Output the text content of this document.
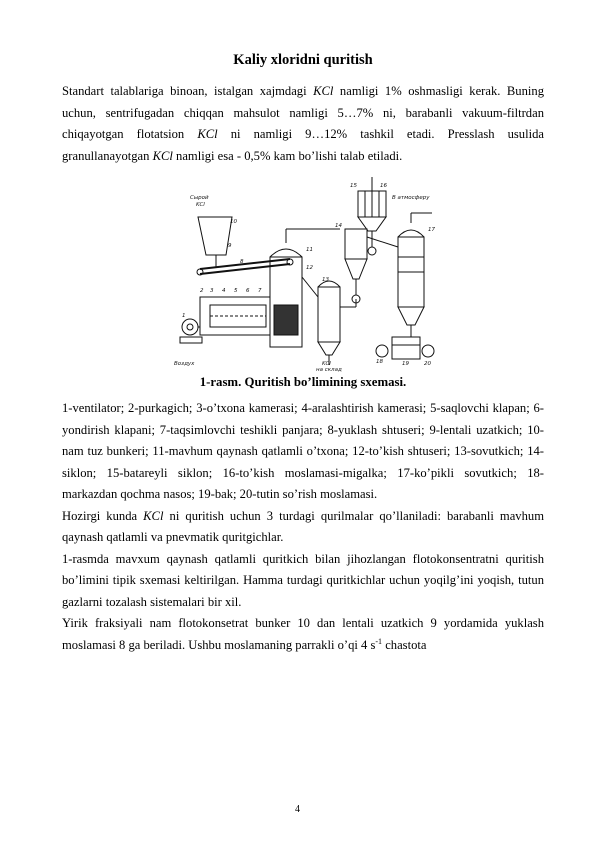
Kaliy xloridni quritish

Standart talablariga binoan, istalgan xajmdagi KCl namligi 1% oshmasligi kerak. Buning uchun, sentrifugadan chiqqan mahsulot namligi 5…7% ni, barabanli vakuum-filtrdan chiqayotgan flotatsion KCl ni namligi 9…12% tashkil etadi. Presslash usulida granullanayotgan KCl namligi esa - 0,5% kam bo’lishi talab etiladi.

Сырой
KCl
В атмосферу
KCl
на склад
Воздух
2 3 4 5 6 7
1
8
9
10
11
12
13
14
15	16
17
18	19	20
1-rasm. Quritish bo’limining sxemasi.

1-ventilator; 2-purkagich; 3-o’txona kamerasi; 4-aralashtirish kamerasi; 5-saqlovchi klapan; 6-yondirish klapani; 7-taqsimlovchi teshikli panjara; 8-yuklash shtuseri; 9-lentali uzatkich; 10-nam tuz bunkeri; 11-mavhum qaynash qatlamli o’txona; 12-to’kish shtuseri; 13-sovutkich; 14-siklon; 15-batareyli siklon; 16-to’kish moslamasi-migalka; 17-ko’pikli sovutkich; 18-markazdan qochma nasos; 19-bak; 20-tutin so’rish moslamasi.

Hozirgi kunda KCl ni quritish uchun 3 turdagi qurilmalar qo’llaniladi: barabanli mavhum qaynash qatlamli va pnevmatik quritgichlar.

1-rasmda mavxum qaynash qatlamli quritkich bilan jihozlangan flotokonsentratni quritish bo’limini tipik sxemasi keltirilgan. Hamma turdagi quritkichlar uchun yoqilg’ini yoqish, tutun gazlarni tozalash sistemalari bir xil.

Yirik fraksiyali nam flotokonsetrat bunker 10 dan lentali uzatkich 9 yordamida yuklash moslamasi 8 ga beriladi. Ushbu moslamaning parrakli o’qi 4 $s^{-1}$ chastota

4
